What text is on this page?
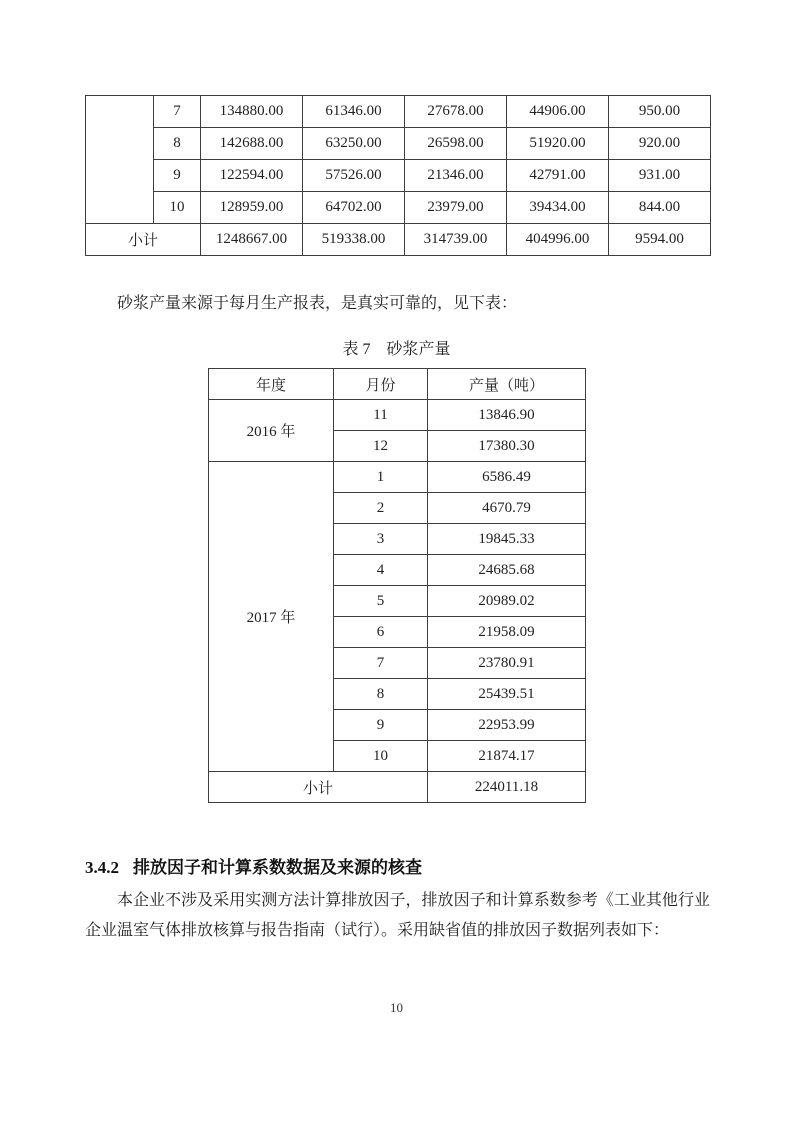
	7	134880.00	61346.00	27678.00	44906.00	950.00
	8	142688.00	63250.00	26598.00	51920.00	920.00
	9	122594.00	57526.00	21346.00	42791.00	931.00
	10	128959.00	64702.00	23979.00	39434.00	844.00
小计		1248667.00	519338.00	314739.00	404996.00	9594.00
砂浆产量来源于每月生产报表，是真实可靠的，见下表：
表 7　砂浆产量
年度	月份	产量（吨）
2016 年	11	13846.90
	12	17380.30
2017 年	1	6586.49
	2	4670.79
	3	19845.33
	4	24685.68
	5	20989.02
	6	21958.09
	7	23780.91
	8	25439.51
	9	22953.99
	10	21874.17
小计		224011.18
3.4.2 排放因子和计算系数数据及来源的核查
本企业不涉及采用实测方法计算排放因子，排放因子和计算系数参考《工业其他行业企业温室气体排放核算与报告指南（试行）。采用缺省值的排放因子数据列表如下：
10
